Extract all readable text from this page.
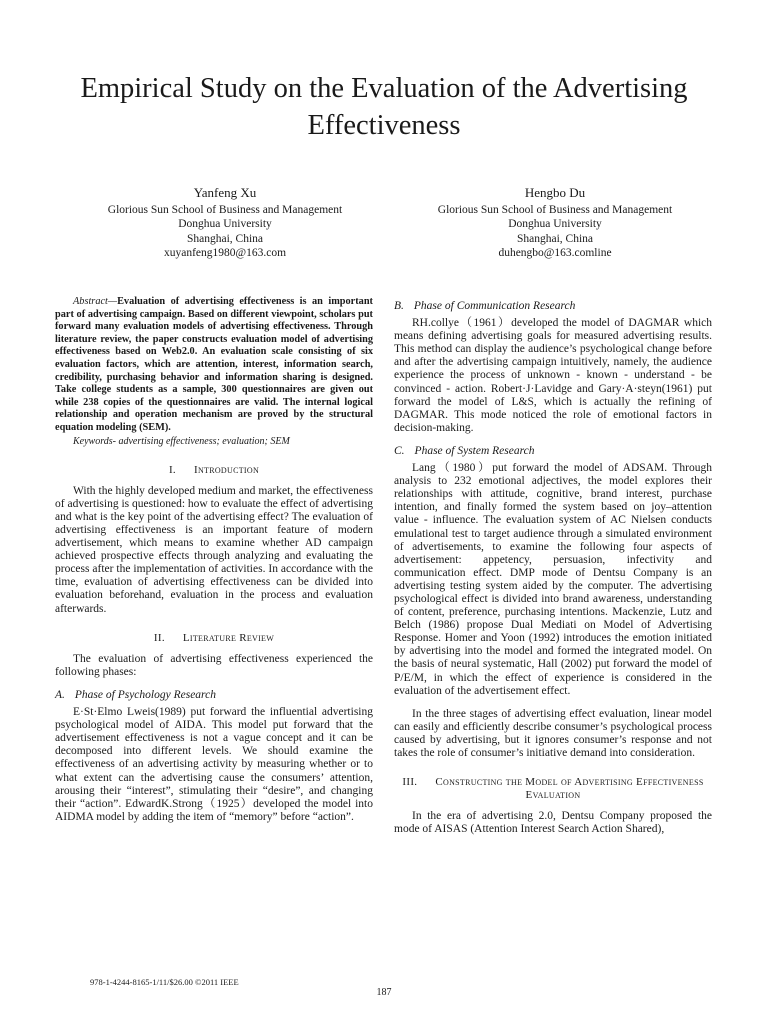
Empirical Study on the Evaluation of the Advertising Effectiveness
Yanfeng Xu
Glorious Sun School of Business and Management
Donghua University
Shanghai, China
xuyanfeng1980@163.com
Hengbo Du
Glorious Sun School of Business and Management
Donghua University
Shanghai, China
duhengbo@163.comline

Abstract—Evaluation of advertising effectiveness is an important part of advertising campaign. Based on different viewpoint, scholars put forward many evaluation models of advertising effectiveness. Through literature review, the paper constructs evaluation model of advertising effectiveness based on Web2.0. An evaluation scale consisting of six evaluation factors, which are attention, interest, information search, credibility, purchasing behavior and information sharing is designed. Take college students as a sample, 300 questionnaires are given out while 238 copies of the questionnaires are valid. The internal logical relationship and operation mechanism are proved by the structural equation modeling (SEM).

Keywords- advertising effectiveness; evaluation; SEM

I. Introduction

With the highly developed medium and market, the effectiveness of advertising is questioned: how to evaluate the effect of advertising and what is the key point of the advertising effect? The evaluation of advertising effectiveness is an important feature of modern advertisement, which means to examine whether AD campaign achieved prospective effects through analyzing and evaluating the process after the implementation of activities. In accordance with the time, evaluation of advertising effectiveness can be divided into evaluation beforehand, evaluation in the process and evaluation afterwards.

II. Literature Review

The evaluation of advertising effectiveness experienced the following phases:

A. Phase of Psychology Research

E·St·Elmo Lweis(1989) put forward the influential advertising psychological model of AIDA. This model put forward that the advertisement effectiveness is not a vague concept and it can be decomposed into different levels. We should examine the effectiveness of an advertising activity by measuring whether or to what extent can the advertising cause the consumers’ attention, arousing their “interest”, stimulating their “desire”, and changing their “action”. EdwardK.Strong（1925）developed the model into AIDMA model by adding the item of “memory” before “action”.

B. Phase of Communication Research

RH.collye（1961）developed the model of DAGMAR which means defining advertising goals for measured advertising results. This method can display the audience’s psychological change before and after the advertising campaign intuitively, namely, the audience experience the process of unknown - known - understand - be convinced - action. Robert·J·Lavidge and Gary·A·steyn(1961) put forward the model of L&S, which is actually the refining of DAGMAR. This mode noticed the role of emotional factors in decision-making.

C. Phase of System Research

Lang（1980）put forward the model of ADSAM. Through analysis to 232 emotional adjectives, the model explores their relationships with attitude, cognitive, brand interest, purchase intention, and finally formed the system based on joy–attention value - influence. The evaluation system of AC Nielsen conducts emulational test to target audience through a simulated environment of advertisements, to examine the following four aspects of advertisement: appetency, persuasion, infectivity and communication effect. DMP mode of Dentsu Company is an advertising testing system aided by the computer. The advertising psychological effect is divided into brand awareness, understanding of content, preference, purchasing intentions. Mackenzie, Lutz and Belch (1986) propose Dual Mediati on Model of Advertising Response. Homer and Yoon (1992) introduces the emotion initiated by advertising into the model and formed the integrated model. On the basis of neural systematic, Hall (2002) put forward the model of P/E/M, in which the effect of experience is considered in the evaluation of the advertisement effect.

In the three stages of advertising effect evaluation, linear model can easily and efficiently describe consumer’s psychological process caused by advertising, but it ignores consumer’s response and not takes the role of consumer’s initiative demand into consideration.

III. Constructing the Model of Advertising Effectiveness Evaluation

In the era of advertising 2.0, Dentsu Company proposed the mode of AISAS (Attention Interest Search Action Shared),

978-1-4244-8165-1/11/$26.00 ©2011 IEEE
187
